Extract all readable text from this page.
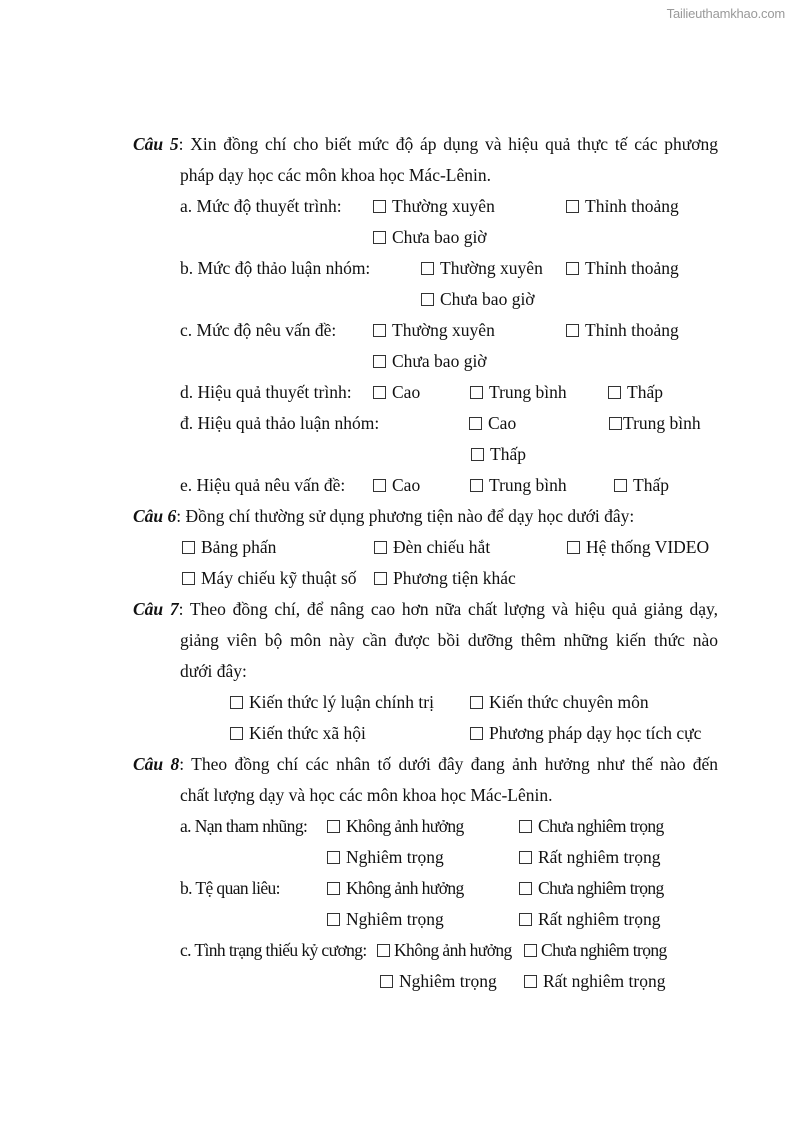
Tailieuthamkhao.com
Câu 5: Xin đồng chí cho biết mức độ áp dụng và hiệu quả thực tế các phương
pháp dạy học các môn khoa học Mác-Lênin.
a. Mức độ thuyết trình:	Thường xuyên	Thỉnh thoảng
Chưa bao giờ
b. Mức độ thảo luận nhóm:	Thường xuyên	Thỉnh thoảng
Chưa bao giờ
c. Mức độ nêu vấn đề:	Thường xuyên	Thỉnh thoảng
Chưa bao giờ
d. Hiệu quả thuyết trình:	Cao	Trung bình	Thấp
đ. Hiệu quả thảo luận nhóm:	Cao	Trung bình
Thấp
e. Hiệu quả nêu vấn đề:	Cao	Trung bình	Thấp
Câu 6: Đồng chí thường sử dụng phương tiện nào để dạy học dưới đây:
Bảng phấn	Đèn chiếu hắt	Hệ thống VIDEO
Máy chiếu kỹ thuật số	Phương tiện khác
Câu 7: Theo đồng chí, để nâng cao hơn nữa chất lượng và hiệu quả giảng dạy,
giảng viên bộ môn này cần được bồi dưỡng thêm những kiến thức nào
dưới đây:
Kiến thức lý luận chính trị	Kiến thức chuyên môn
Kiến thức xã hội	Phương pháp dạy học tích cực
Câu 8: Theo đồng chí các nhân tố dưới đây đang ảnh hưởng như thế nào đến
chất lượng dạy và học các môn khoa học Mác-Lênin.
a. Nạn tham nhũng:	Không ảnh hưởng	Chưa nghiêm trọng
Nghiêm trọng	Rất nghiêm trọng
b. Tệ quan liêu:	Không ảnh hưởng	Chưa nghiêm trọng
Nghiêm trọng	Rất nghiêm trọng
c. Tình trạng thiếu kỷ cương:	Không ảnh hưởng	Chưa nghiêm trọng
Nghiêm trọng	Rất nghiêm trọng
